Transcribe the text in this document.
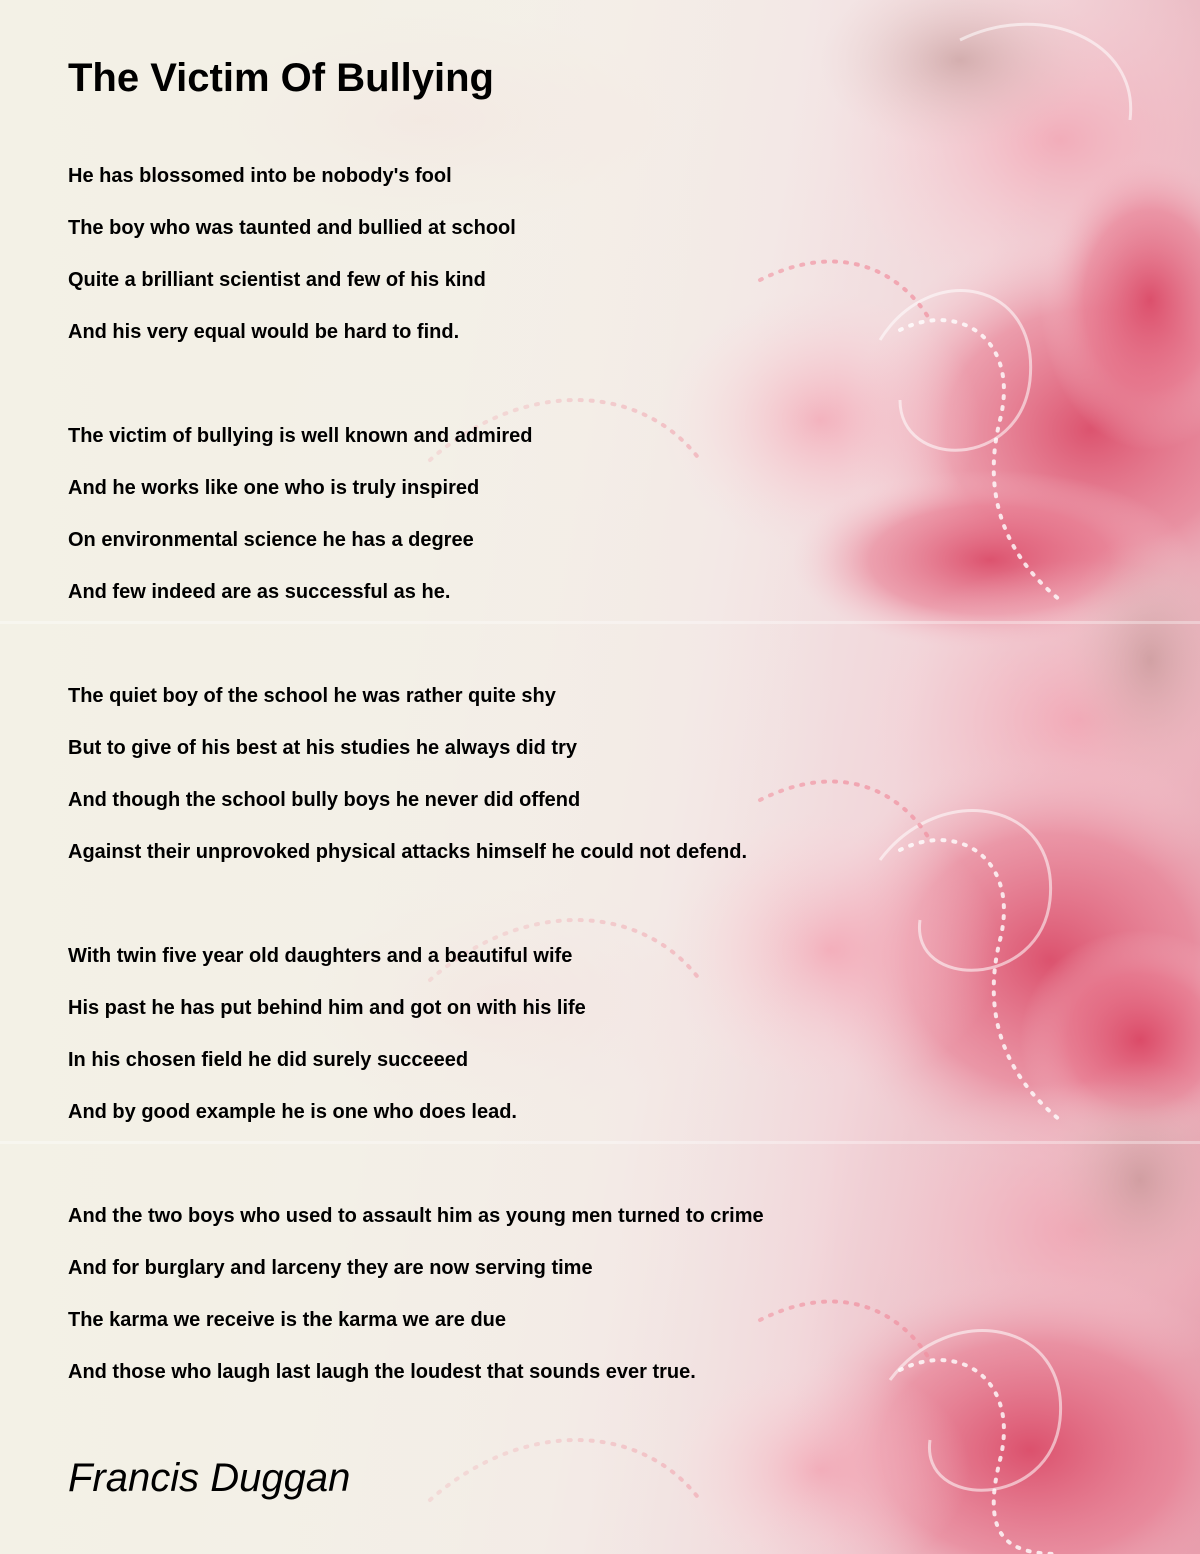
The Victim Of Bullying
He has blossomed into be nobody's fool
The boy who was taunted and bullied at school
Quite a brilliant scientist and few of his kind
And his very equal would be hard to find.
The victim of bullying is well known and admired
And he works like one who is truly inspired
On environmental science he has a degree
And few indeed are as successful as he.
The quiet boy of the school he was rather quite shy
But to give of his best at his studies he always did try
And though the school bully boys he never did offend
Against their unprovoked physical attacks himself he could not defend.
With twin five year old daughters and a beautiful wife
His past he has put behind him and got on with his life
In his chosen field he did surely succeeed
And by good example he is one who does lead.
And the two boys who used to assault him as young men turned to crime
And for burglary and larceny they are now serving time
The karma we receive is the karma we are due
And those who laugh last laugh the loudest that sounds ever true.
Francis Duggan
